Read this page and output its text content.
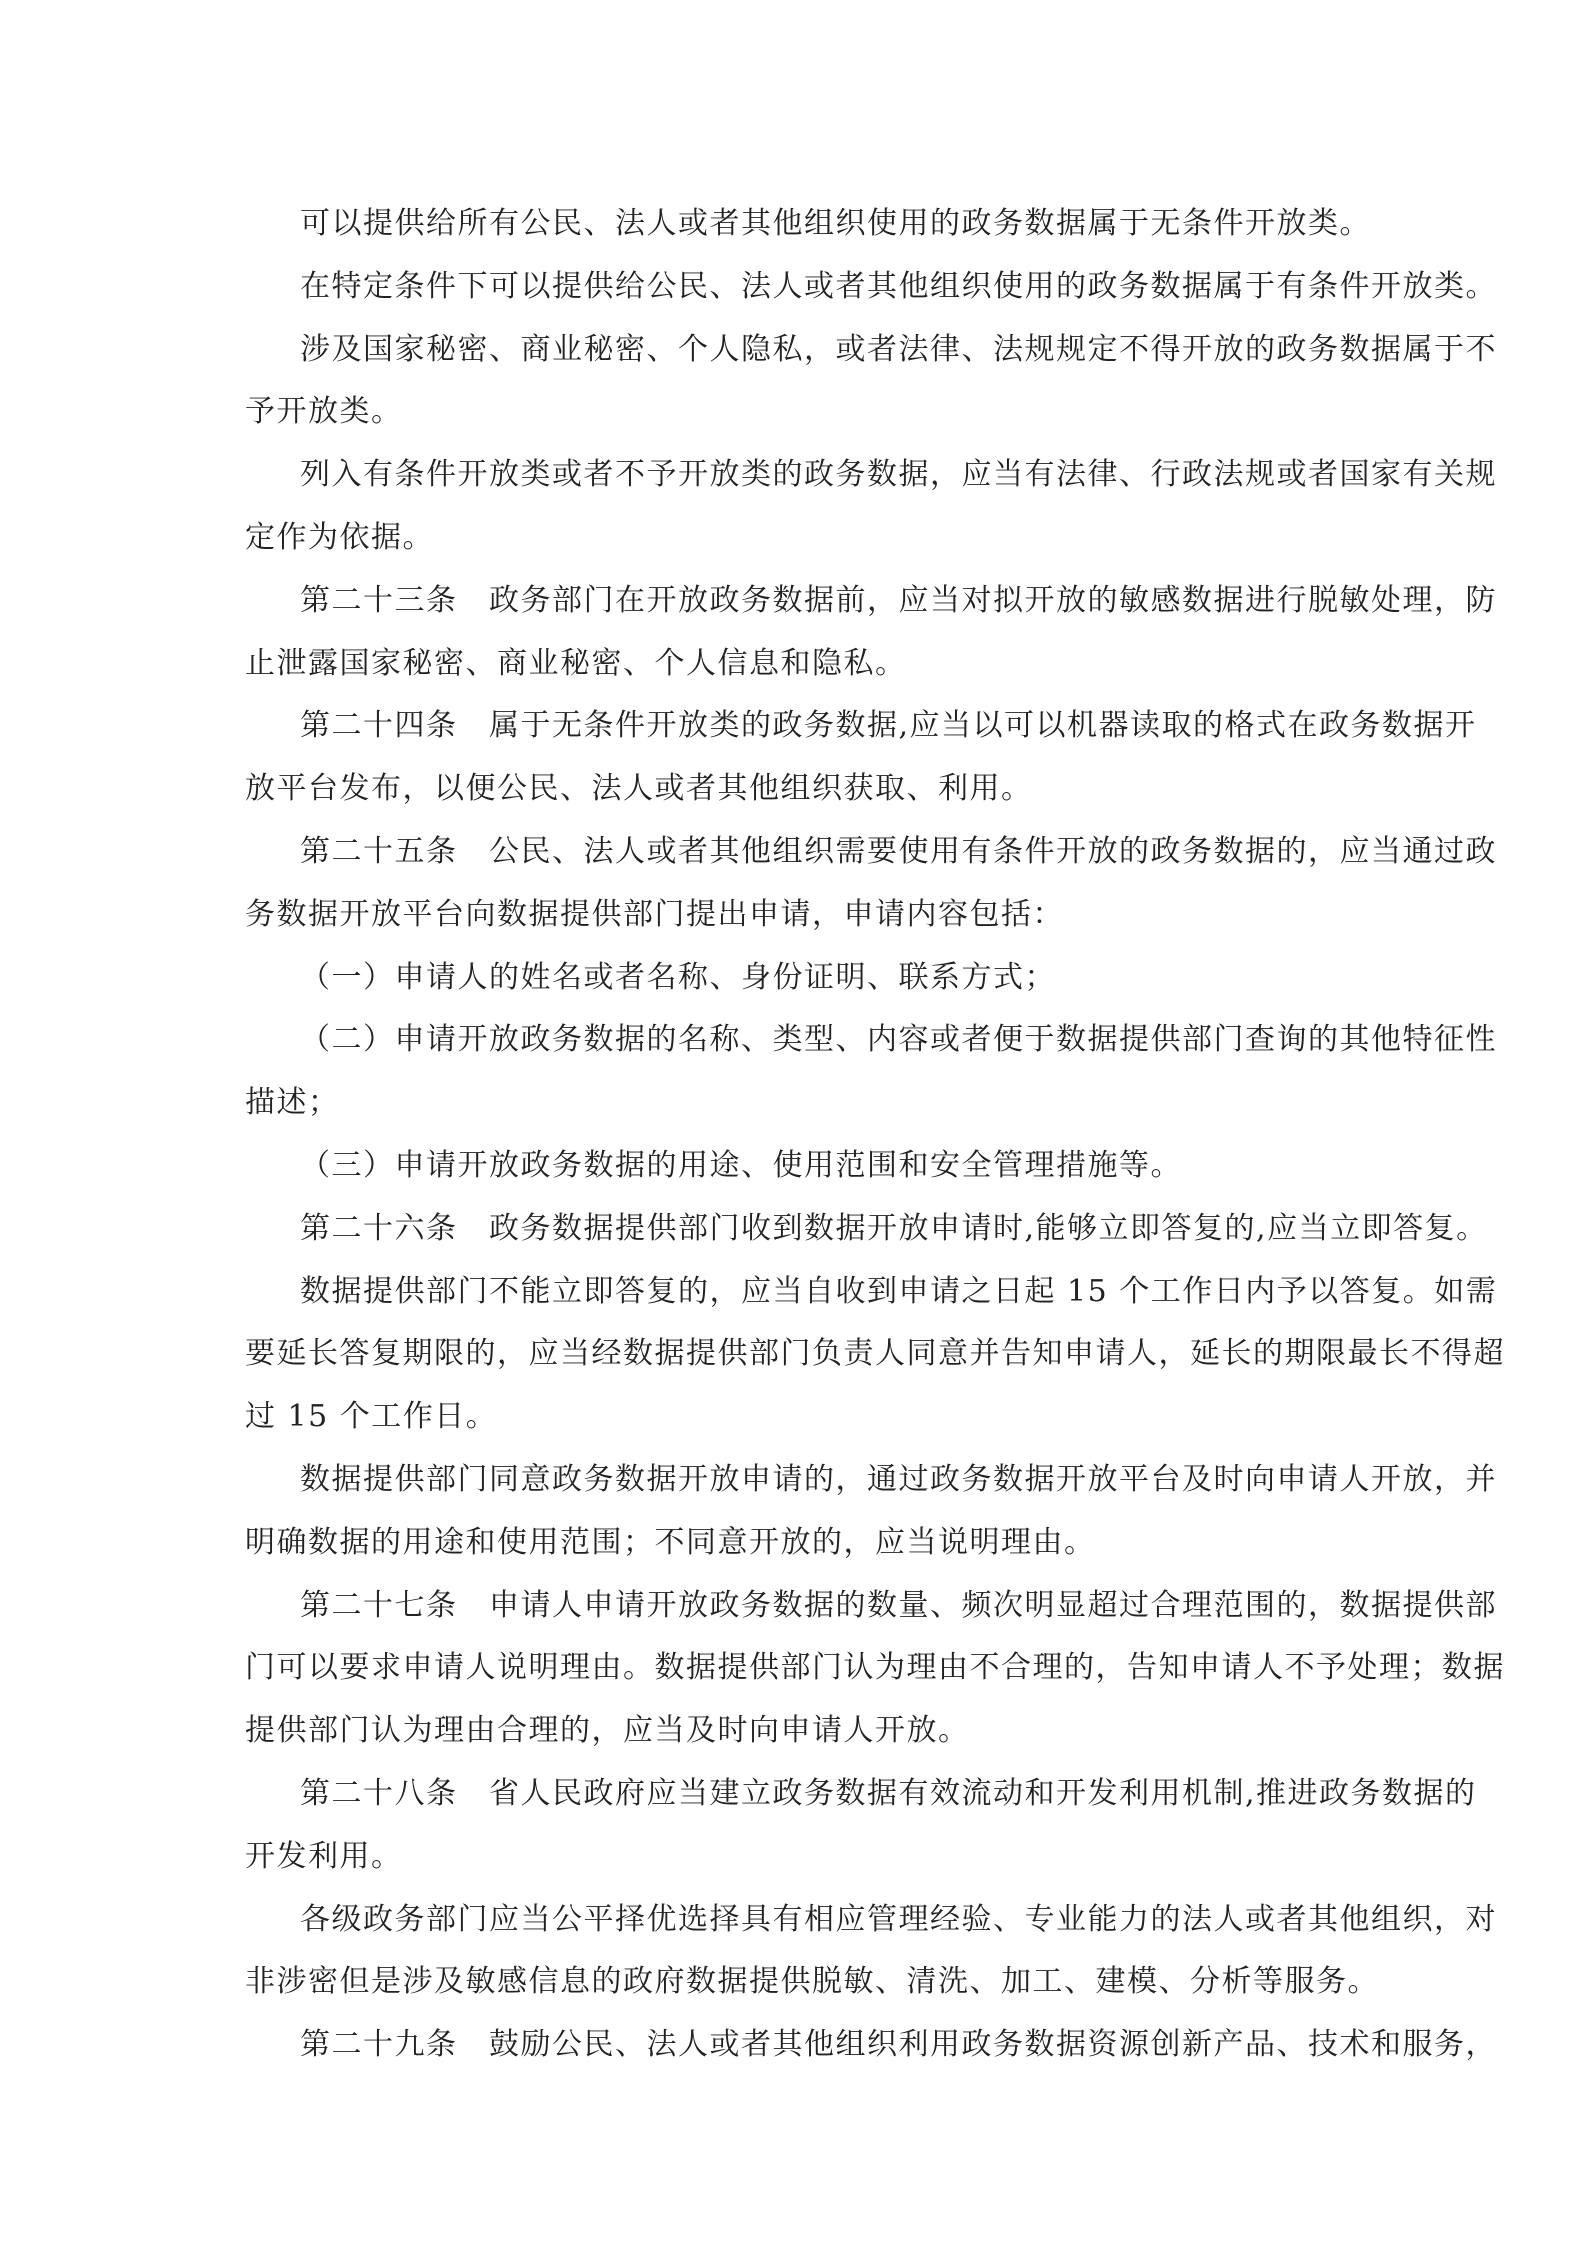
可以提供给所有公民、法人或者其他组织使用的政务数据属于无条件开放类。
在特定条件下可以提供给公民、法人或者其他组织使用的政务数据属于有条件开放类。
涉及国家秘密、商业秘密、个人隐私，或者法律、法规规定不得开放的政务数据属于不
予开放类。
列入有条件开放类或者不予开放类的政务数据，应当有法律、行政法规或者国家有关规
定作为依据。
第二十三条　政务部门在开放政务数据前，应当对拟开放的敏感数据进行脱敏处理，防
止泄露国家秘密、商业秘密、个人信息和隐私。
第二十四条　属于无条件开放类的政务数据,应当以可以机器读取的格式在政务数据开
放平台发布，以便公民、法人或者其他组织获取、利用。
第二十五条　公民、法人或者其他组织需要使用有条件开放的政务数据的，应当通过政
务数据开放平台向数据提供部门提出申请，申请内容包括：
（一）申请人的姓名或者名称、身份证明、联系方式；
（二）申请开放政务数据的名称、类型、内容或者便于数据提供部门查询的其他特征性
描述；
（三）申请开放政务数据的用途、使用范围和安全管理措施等。
第二十六条　政务数据提供部门收到数据开放申请时,能够立即答复的,应当立即答复。
数据提供部门不能立即答复的，应当自收到申请之日起 15 个工作日内予以答复。如需
要延长答复期限的，应当经数据提供部门负责人同意并告知申请人，延长的期限最长不得超
过 15 个工作日。
数据提供部门同意政务数据开放申请的，通过政务数据开放平台及时向申请人开放，并
明确数据的用途和使用范围；不同意开放的，应当说明理由。
第二十七条　申请人申请开放政务数据的数量、频次明显超过合理范围的，数据提供部
门可以要求申请人说明理由。数据提供部门认为理由不合理的，告知申请人不予处理；数据
提供部门认为理由合理的，应当及时向申请人开放。
第二十八条　省人民政府应当建立政务数据有效流动和开发利用机制,推进政务数据的
开发利用。
各级政务部门应当公平择优选择具有相应管理经验、专业能力的法人或者其他组织，对
非涉密但是涉及敏感信息的政府数据提供脱敏、清洗、加工、建模、分析等服务。
第二十九条　鼓励公民、法人或者其他组织利用政务数据资源创新产品、技术和服务，
